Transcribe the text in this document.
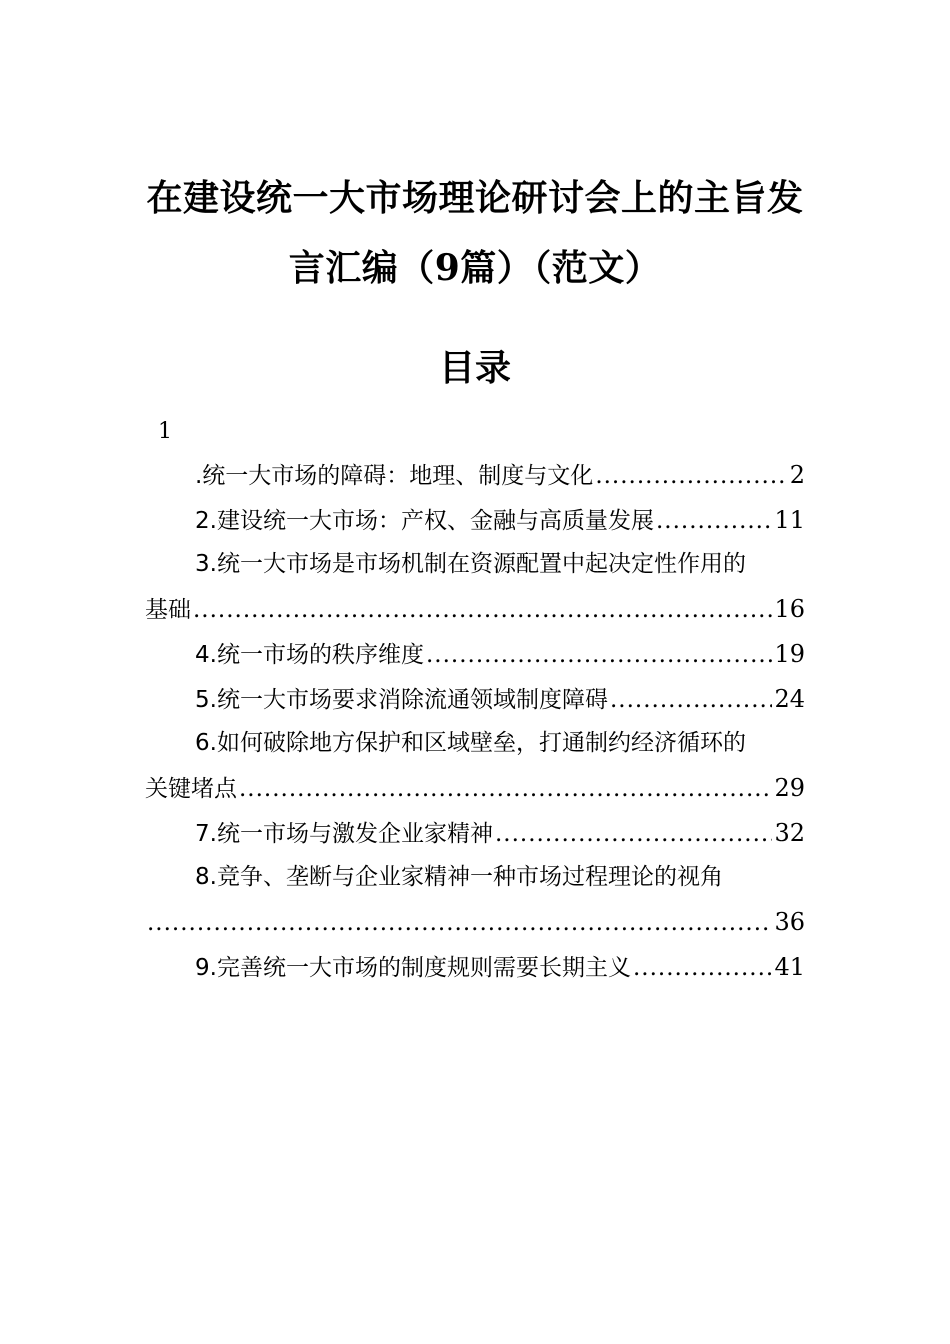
在建设统一大市场理论研讨会上的主旨发
言汇编（9篇）（范文）
目录
1
.统一大市场的障碍：地理、制度与文化 .....	2
2.建设统一大市场：产权、金融与高质量发展 .....	11
3.统一大市场是市场机制在资源配置中起决定性作用的
基础 .....	16
4.统一市场的秩序维度 .....	19
5.统一大市场要求消除流通领域制度障碍 .....	24
6.如何破除地方保护和区域壁垒，打通制约经济循环的
关键堵点 .....	29
7.统一市场与激发企业家精神 .....	32
8.竞争、垄断与企业家精神一种市场过程理论的视角
.....
36
9.完善统一大市场的制度规则需要长期主义 .....	41
